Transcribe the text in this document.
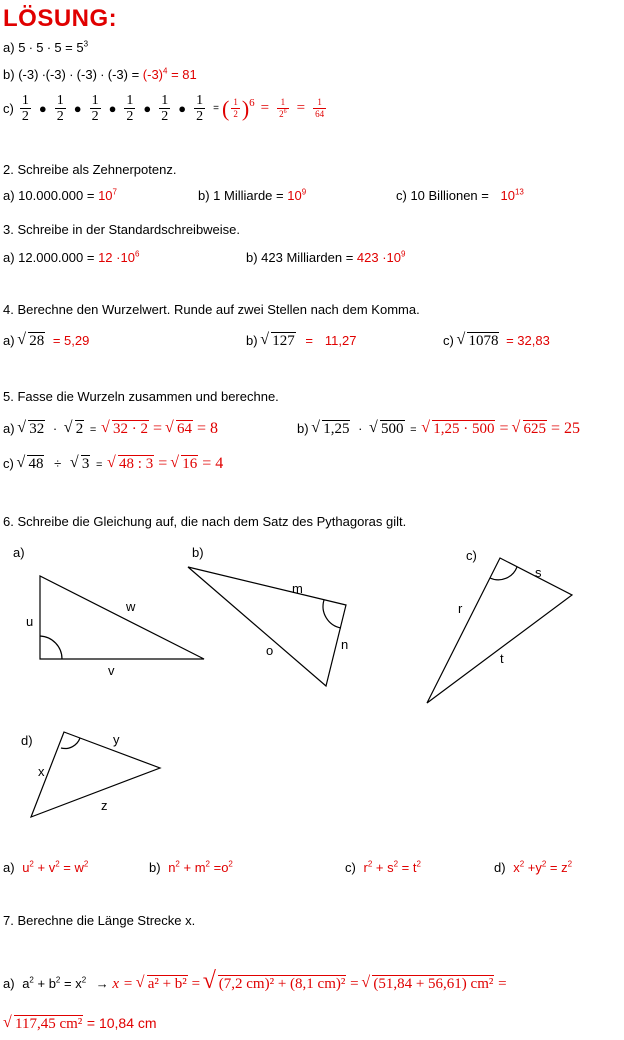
LÖSUNG:
a) $5 \cdot 5 \cdot 5 = 5^3$
b) $(-3) \cdot(-3) \cdot (-3) \cdot (-3) = (-3)^4 = 81$
$c) \frac{1}{2}$ ● $\frac{1}{2}$ ● $\frac{1}{2}$ ● $\frac{1}{2}$ ● $\frac{1}{2}$ ● $\frac{1}{2}$ = ( $\frac{1}{2} )^6 = \frac{1}{2^6} = \frac{1}{64}$
2. Schreibe als Zehnerpotenz.
a) $10.000.000 = 10^7$	b) 1 Milliarde = $10^9$	c) 10 Billionen = $10^{13}$
3. Schreibe in der Standardschreibweise.
a) $12.000.000 = 12 \cdot 10^6$	b) 423 Milliarden = $423 \cdot 10^9$
4. Berechne den Wurzelwert. Runde auf zwei Stellen nach dem Komma.
a) √ 28 = 5,29	b) √ 127 = 11,27	c) √ 1078 = 32,83
5. Fasse die Wurzeln zusammen und berechne.
a) √ 32 · √ 2 = √ 32 · 2 = √ 64 = 8	b) √ 1,25 · √ 500 = √ 1,25 · 500 = √ 625 = 25
c) √ 48 ÷ √ 3 = √ 48 : 3 = √ 16 = 4
6. Schreibe die Gleichung auf, die nach dem Satz des Pythagoras gilt.
a)
u
w
v
b)
m
n
o
c)
s
r
t
d)	y
x
z
a) $u^2 + v^2 = w^2$	b) $n^2 + m^2 =o^2$	c) $r^2 + s^2 = t^2$	d) $x^2 +y^2 = z^2$
7. Berechne die Länge Strecke x.
a) $a^2 + b^2 = x^2 \to x$ = √ a² + b² = √ (7,2 cm)² + (8,1 cm)² = √ (51,84 + 56,61) cm² =
√ 117,45 cm² = 10,84 cm
